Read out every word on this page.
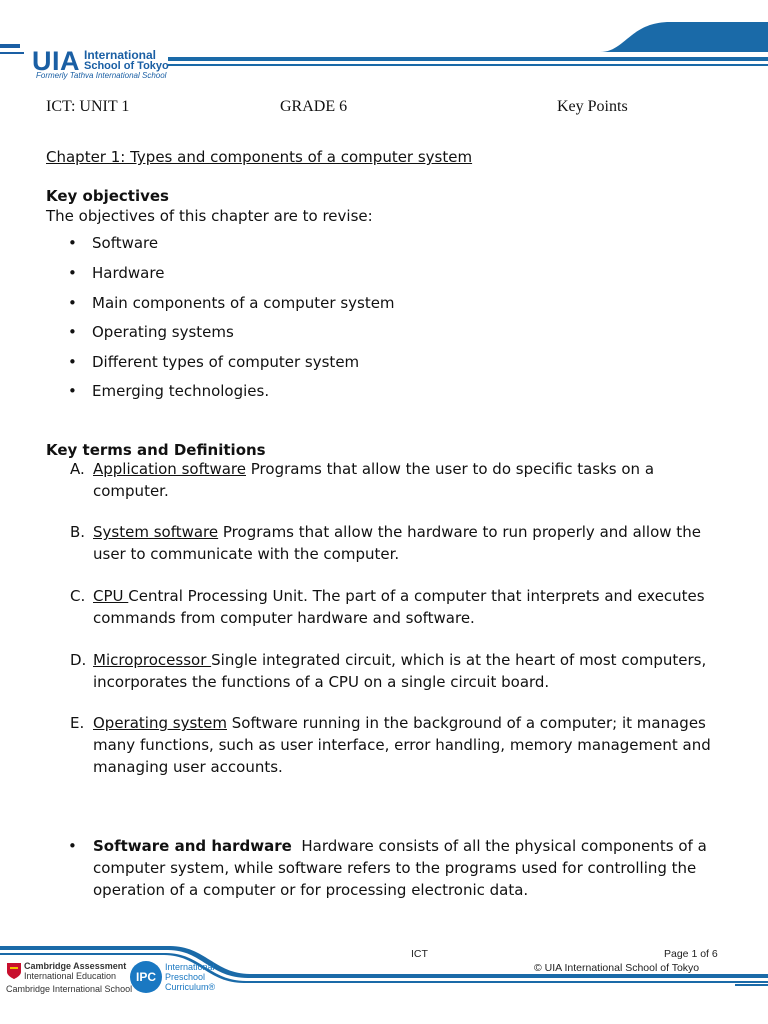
UIA International
School of Tokyo
Formerly Tathva International School
ICT: UNIT 1	GRADE 6	Key Points
Chapter 1: Types and components of a computer system
Key objectives
The objectives of this chapter are to revise:
• Software
• Hardware
• Main components of a computer system
• Operating systems
• Different types of computer system
• Emerging technologies.
Key terms and Definitions
A. Application software Programs that allow the user to do specific tasks on a computer.
B. System software Programs that allow the hardware to run properly and allow the user to communicate with the computer.
C. CPU Central Processing Unit. The part of a computer that interprets and executes commands from computer hardware and software.
D. Microprocessor Single integrated circuit, which is at the heart of most computers, incorporates the functions of a CPU on a single circuit board.
E. Operating system Software running in the background of a computer; it manages many functions, such as user interface, error handling, memory management and managing user accounts.
• Software and hardware  Hardware consists of all the physical components of a computer system, while software refers to the programs used for controlling the operation of a computer or for processing electronic data.
ICT	Page 1 of 6
© UIA International School of Tokyo
Cambridge Assessment
International Education
Cambridge International School
IPC
International
Preschool
Curriculum®
